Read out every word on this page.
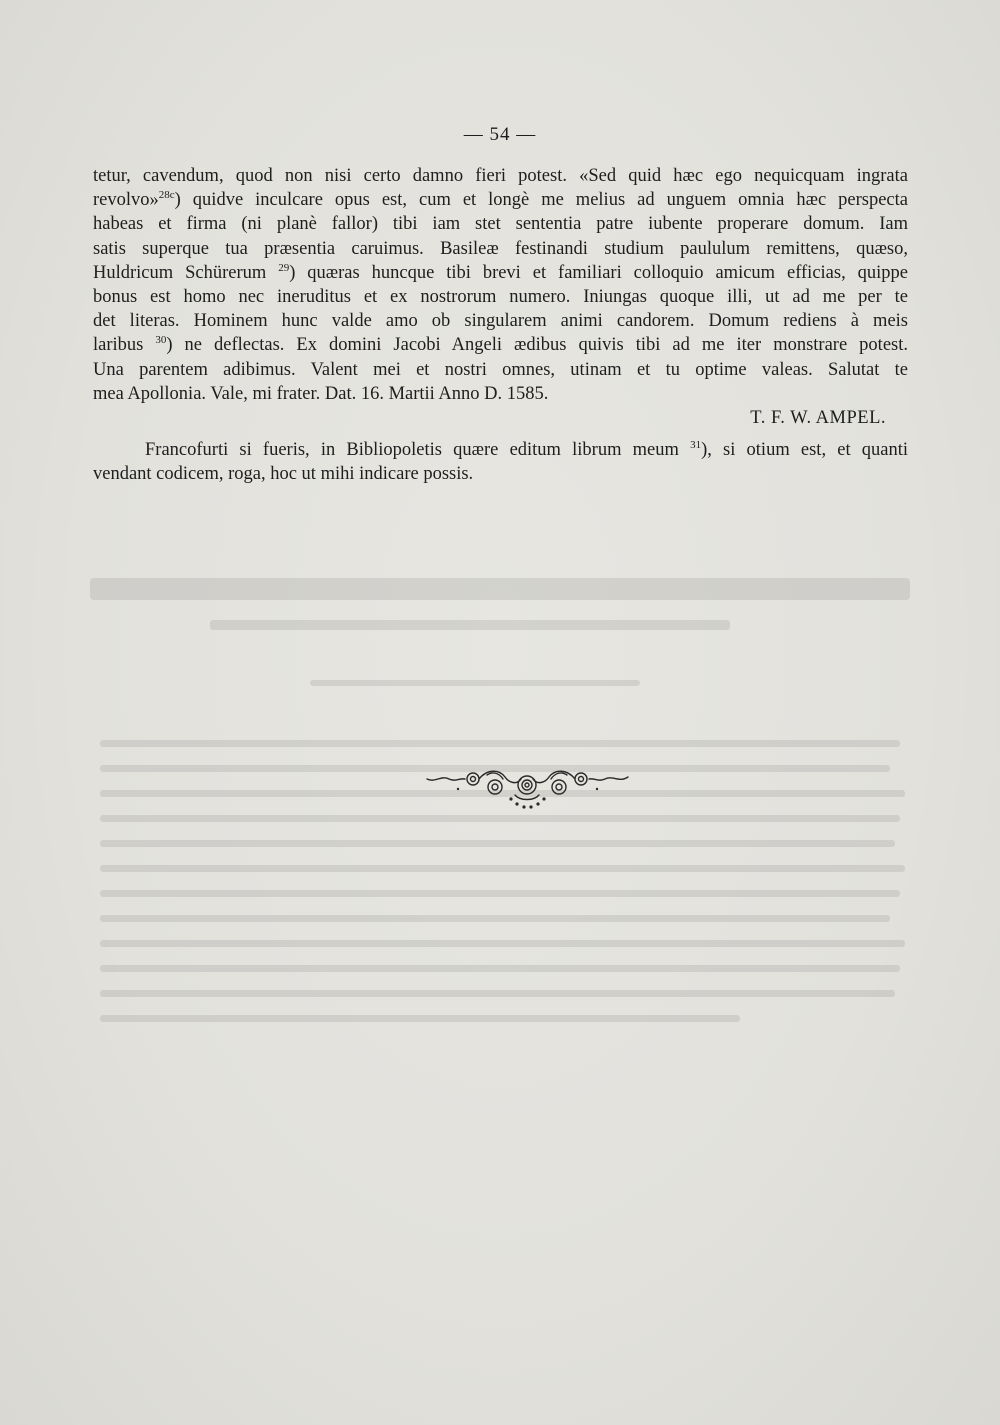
— 54 —
tetur, cavendum, quod non nisi certo damno fieri potest. «Sed quid hæc ego nequicquam ingrata
revolvo»$^{28c}$) quidve inculcare opus est, cum et longè me melius ad unguem omnia hæc perspecta
habeas et firma (ni planè fallor) tibi iam stet sententia patre iubente properare domum. Iam
satis superque tua præsentia caruimus. Basileæ festinandi studium paululum remittens, quæso,
Huldricum Schürerum $^{29}$) quæras huncque tibi brevi et familiari colloquio amicum efficias, quippe
bonus est homo nec ineruditus et ex nostrorum numero. Iniungas quoque illi, ut ad me per te
det literas. Hominem hunc valde amo ob singularem animi candorem. Domum rediens à meis
laribus $^{30}$) ne deflectas. Ex domini Jacobi Angeli ædibus quivis tibi ad me iter monstrare potest.
Una parentem adibimus. Valent mei et nostri omnes, utinam et tu optime valeas. Salutat te
mea Apollonia. Vale, mi frater. Dat. 16. Martii Anno D. 1585.
T. F. W. AMPEL.
Francofurti si fueris, in Bibliopoletis quære editum librum meum $^{31}$), si otium est, et quanti
vendant codicem, roga, hoc ut mihi indicare possis.
